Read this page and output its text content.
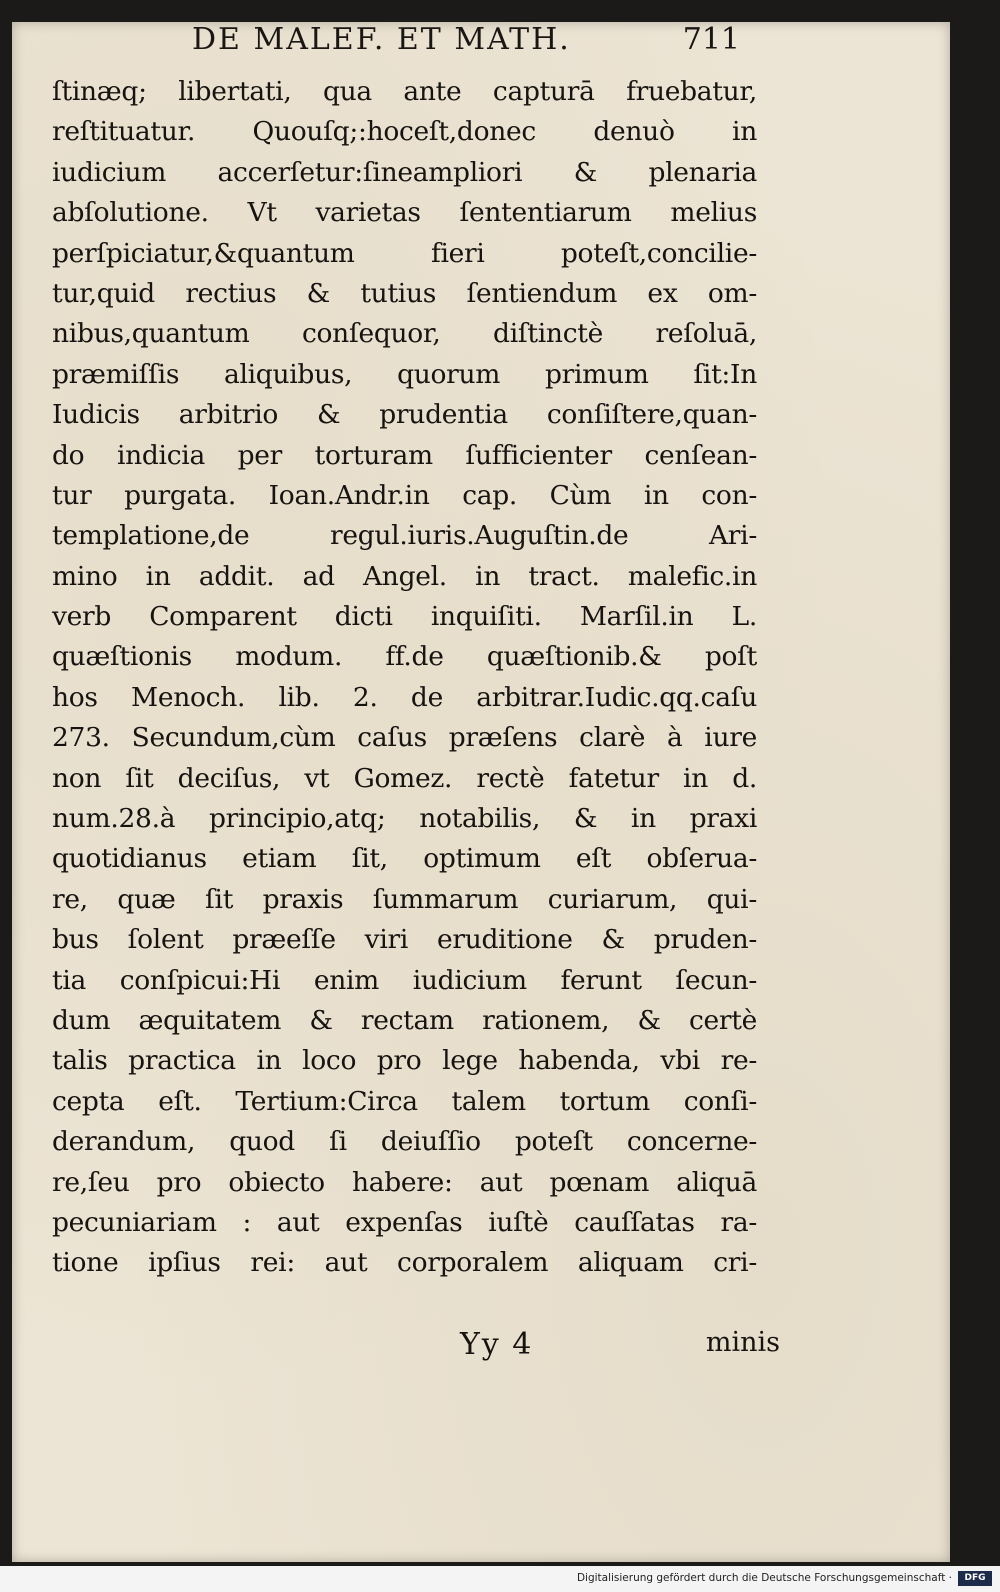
DE MALEF. ET MATH.	711
ſtinæq; libertati, qua ante capturā fruebatur,
reſtituatur. Quouſq;:hoceſt,donec denuò in
iudicium accerſetur:ſineampliori & plenaria
abſolutione. Vt varietas ſententiarum melius
perſpiciatur,&quantum fieri poteſt,concilie-
tur,quid rectius & tutius ſentiendum ex om-
nibus,quantum conſequor, diſtinctè reſoluā,
præmiſſis aliquibus, quorum primum ſit:In
Iudicis arbitrio & prudentia conſiſtere,quan-
do indicia per torturam ſufficienter cenſean-
tur purgata. Ioan.Andr.in cap. Cùm in con-
templatione,de regul.iuris.Auguſtin.de Ari-
mino in addit. ad Angel. in tract. malefic.in
verb Comparent dicti inquiſiti. Marſil.in L.
quæſtionis modum. ff.de quæſtionib.& poſt
hos Menoch. lib. 2. de arbitrar.Iudic.qq.caſu
273. Secundum,cùm caſus præſens clarè à iure
non ſit deciſus, vt Gomez. rectè fatetur in d.
num.28.à principio,atq; notabilis, & in praxi
quotidianus etiam ſit, optimum eſt obſerua-
re, quæ ſit praxis ſummarum curiarum, qui-
bus ſolent præeſſe viri eruditione & pruden-
tia conſpicui:Hi enim iudicium ferunt ſecun-
dum æquitatem & rectam rationem, & certè
talis practica in loco pro lege habenda, vbi re-
cepta eſt. Tertium:Circa talem tortum conſi-
derandum, quod ſi deiuſſio poteſt concerne-
re,ſeu pro obiecto habere: aut pœnam aliquā
pecuniariam : aut expenſas iuſtè cauſſatas ra-
tione ipſius rei: aut corporalem aliquam cri-
Yy 4	minis
Digitalisierung gefördert durch die Deutsche Forschungsgemeinschaft ·	DFG
